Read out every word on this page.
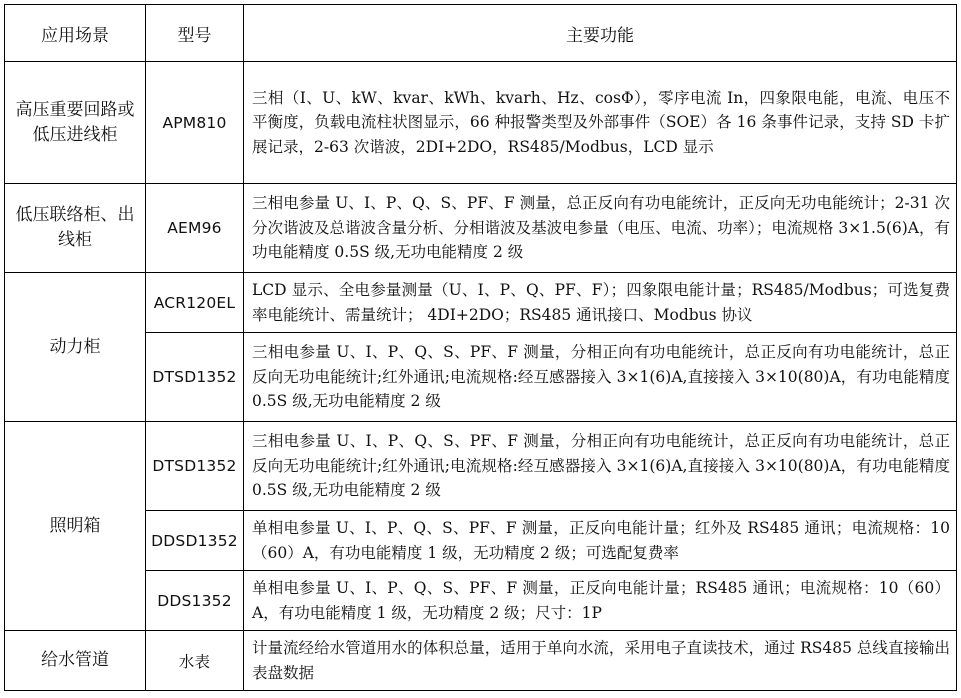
应用场景	型号	主要功能

高压重要回路或低压进线柜	APM810	三相（I、U、kW、kvar、kWh、kvarh、Hz、cosΦ），零序电流 In，四象限电能，电流、电压不平衡度，负载电流柱状图显示，66 种报警类型及外部事件（SOE）各 16 条事件记录，支持 SD 卡扩展记录，2-63 次谐波，2DI+2DO，RS485/Modbus，LCD 显示

低压联络柜、出线柜	AEM96	三相电参量 U、I、P、Q、S、PF、F 测量，总正反向有功电能统计，正反向无功电能统计；2-31 次分次谐波及总谐波含量分析、分相谐波及基波电参量（电压、电流、功率）；电流规格 3×1.5(6)A，有功电能精度 0.5S 级,无功电能精度 2 级
动力柜	ACR120EL	LCD 显示、全电参量测量（U、I、P、Q、PF、F）；四象限电能计量；RS485/Modbus；可选复费率电能统计、需量统计； 4DI+2DO；RS485 通讯接口、Modbus 协议
	DTSD1352	三相电参量 U、I、P、Q、S、PF、F 测量，分相正向有功电能统计，总正反向有功电能统计，总正反向无功电能统计;红外通讯;电流规格:经互感器接入 3×1(6)A,直接接入 3×10(80)A，有功电能精度 0.5S 级,无功电能精度 2 级
照明箱	DTSD1352	三相电参量 U、I、P、Q、S、PF、F 测量，分相正向有功电能统计，总正反向有功电能统计，总正反向无功电能统计;红外通讯;电流规格:经互感器接入 3×1(6)A,直接接入 3×10(80)A，有功电能精度 0.5S 级,无功电能精度 2 级
	DDSD1352	单相电参量 U、I、P、Q、S、PF、F 测量，正反向电能计量；红外及 RS485 通讯；电流规格：10（60）A，有功电能精度 1 级，无功精度 2 级；可选配复费率
	DDS1352	单相电参量 U、I、P、Q、S、PF、F 测量，正反向电能计量；RS485 通讯；电流规格：10（60）A，有功电能精度 1 级，无功精度 2 级；尺寸：1P
给水管道	水表	计量流经给水管道用水的体积总量，适用于单向水流，采用电子直读技术，通过 RS485 总线直接输出表盘数据
